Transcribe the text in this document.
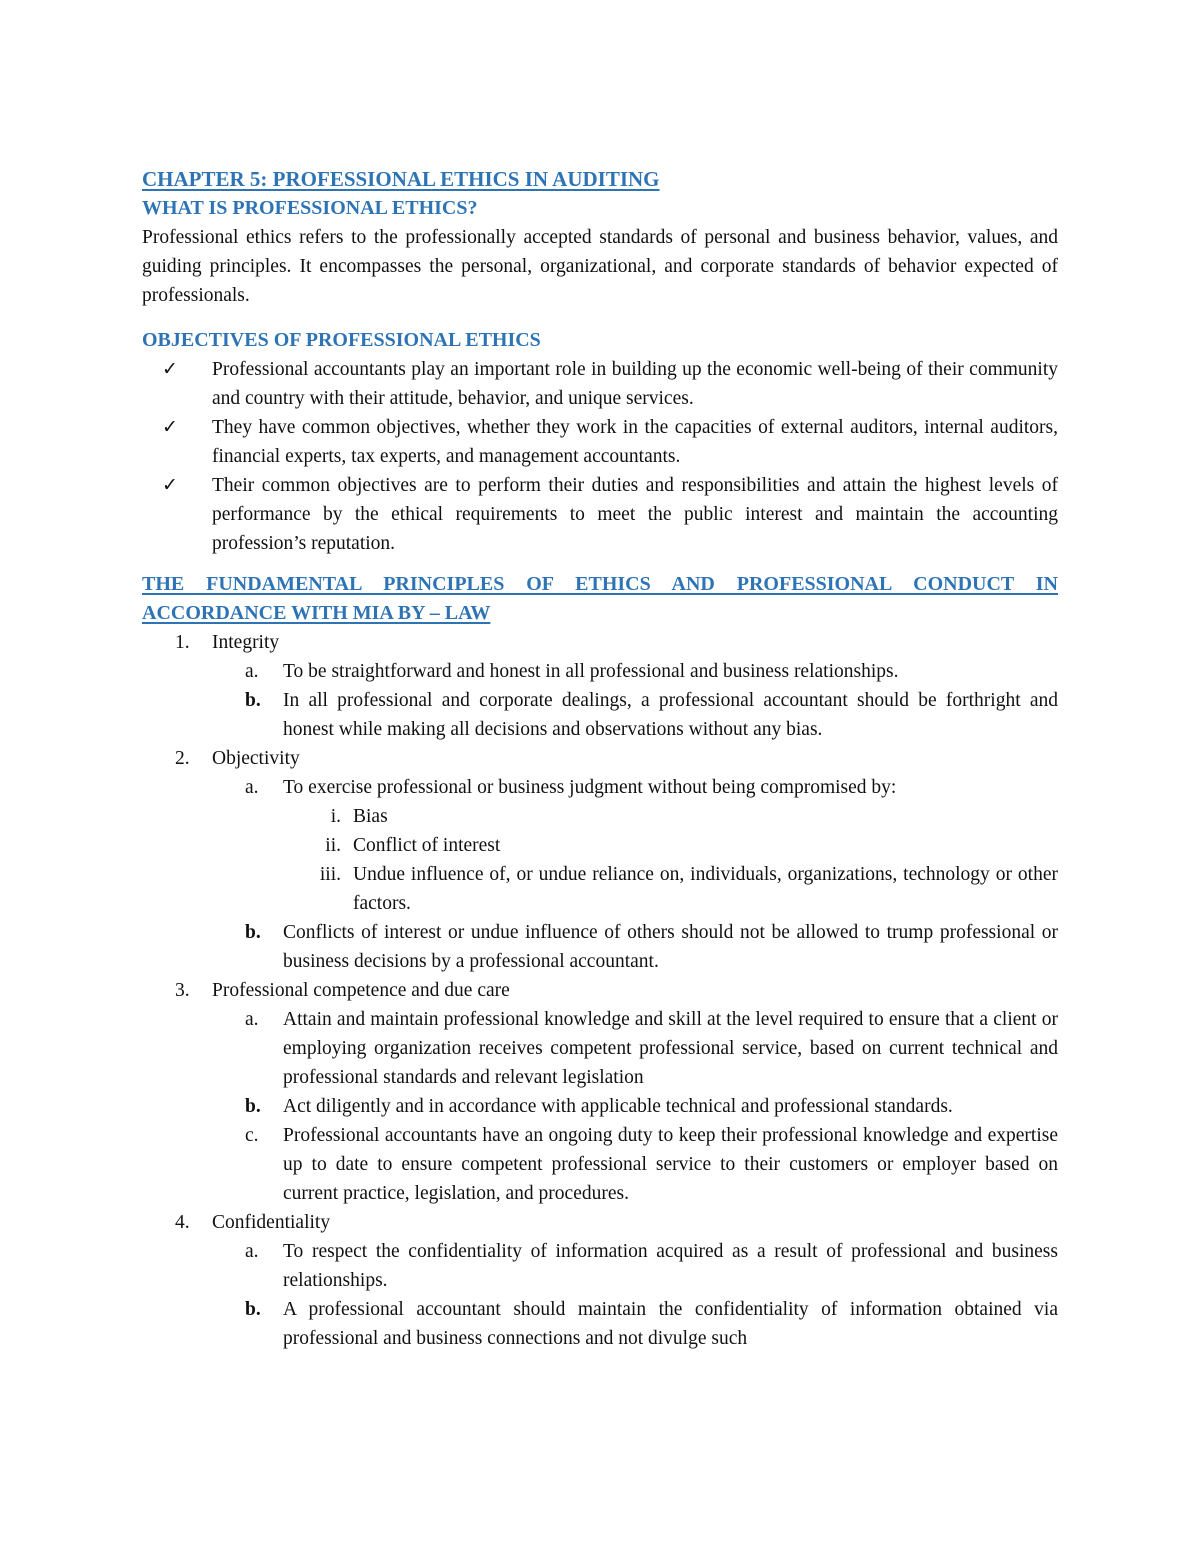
CHAPTER 5: PROFESSIONAL ETHICS IN AUDITING
WHAT IS PROFESSIONAL ETHICS?

Professional ethics refers to the professionally accepted standards of personal and business behavior, values, and guiding principles. It encompasses the personal, organizational, and corporate standards of behavior expected of professionals.

OBJECTIVES OF PROFESSIONAL ETHICS
✓	Professional accountants play an important role in building up the economic well-being of their community and country with their attitude, behavior, and unique services.
✓	They have common objectives, whether they work in the capacities of external auditors, internal auditors, financial experts, tax experts, and management accountants.
✓	Their common objectives are to perform their duties and responsibilities and attain the highest levels of performance by the ethical requirements to meet the public interest and maintain the accounting profession’s reputation.
THE FUNDAMENTAL PRINCIPLES OF ETHICS AND PROFESSIONAL CONDUCT IN ACCORDANCE WITH MIA BY – LAW
1. Integrity
a. To be straightforward and honest in all professional and business relationships.
b. In all professional and corporate dealings, a professional accountant should be forthright and honest while making all decisions and observations without any bias.
2. Objectivity
a. To exercise professional or business judgment without being compromised by:
i. Bias
ii. Conflict of interest
iii. Undue influence of, or undue reliance on, individuals, organizations, technology or other factors.
b. Conflicts of interest or undue influence of others should not be allowed to trump professional or business decisions by a professional accountant.
3. Professional competence and due care
a. Attain and maintain professional knowledge and skill at the level required to ensure that a client or employing organization receives competent professional service, based on current technical and professional standards and relevant legislation
b. Act diligently and in accordance with applicable technical and professional standards.
c. Professional accountants have an ongoing duty to keep their professional knowledge and expertise up to date to ensure competent professional service to their customers or employer based on current practice, legislation, and procedures.
4. Confidentiality
a. To respect the confidentiality of information acquired as a result of professional and business relationships.
b. A professional accountant should maintain the confidentiality of information obtained via professional and business connections and not divulge such
